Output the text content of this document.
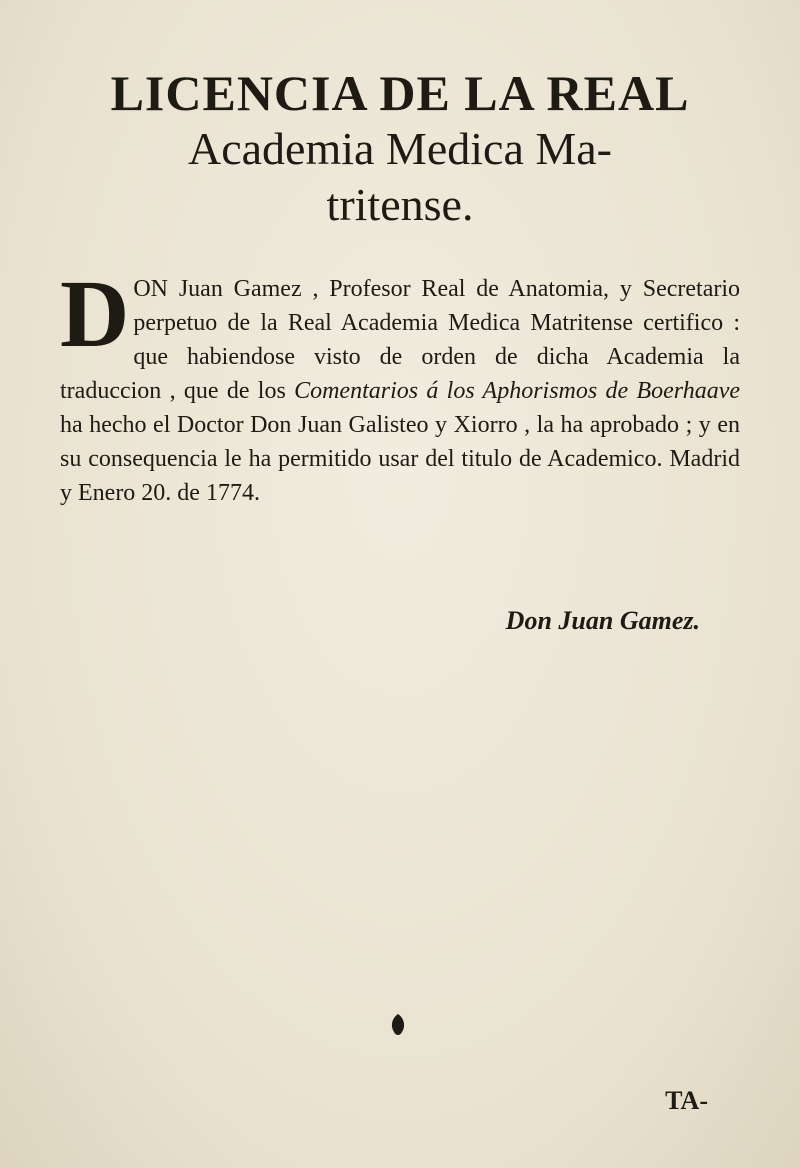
LICENCIA DE LA REAL
Academia Medica Ma-
tritense.
DON Juan Gamez , Profesor Real de Anatomia, y Secretario perpetuo de la Real Academia Medica Matritense certifico : que habiendose visto de orden de dicha Academia la traduccion , que de los Comentarios á los Aphorismos de Boerhaave ha hecho el Doctor Don Juan Galisteo y Xiorro , la ha aprobado ; y en su consequencia le ha permitido usar del titulo de Academico. Madrid y Enero 20. de 1774.
Don Juan Gamez.
TA-
